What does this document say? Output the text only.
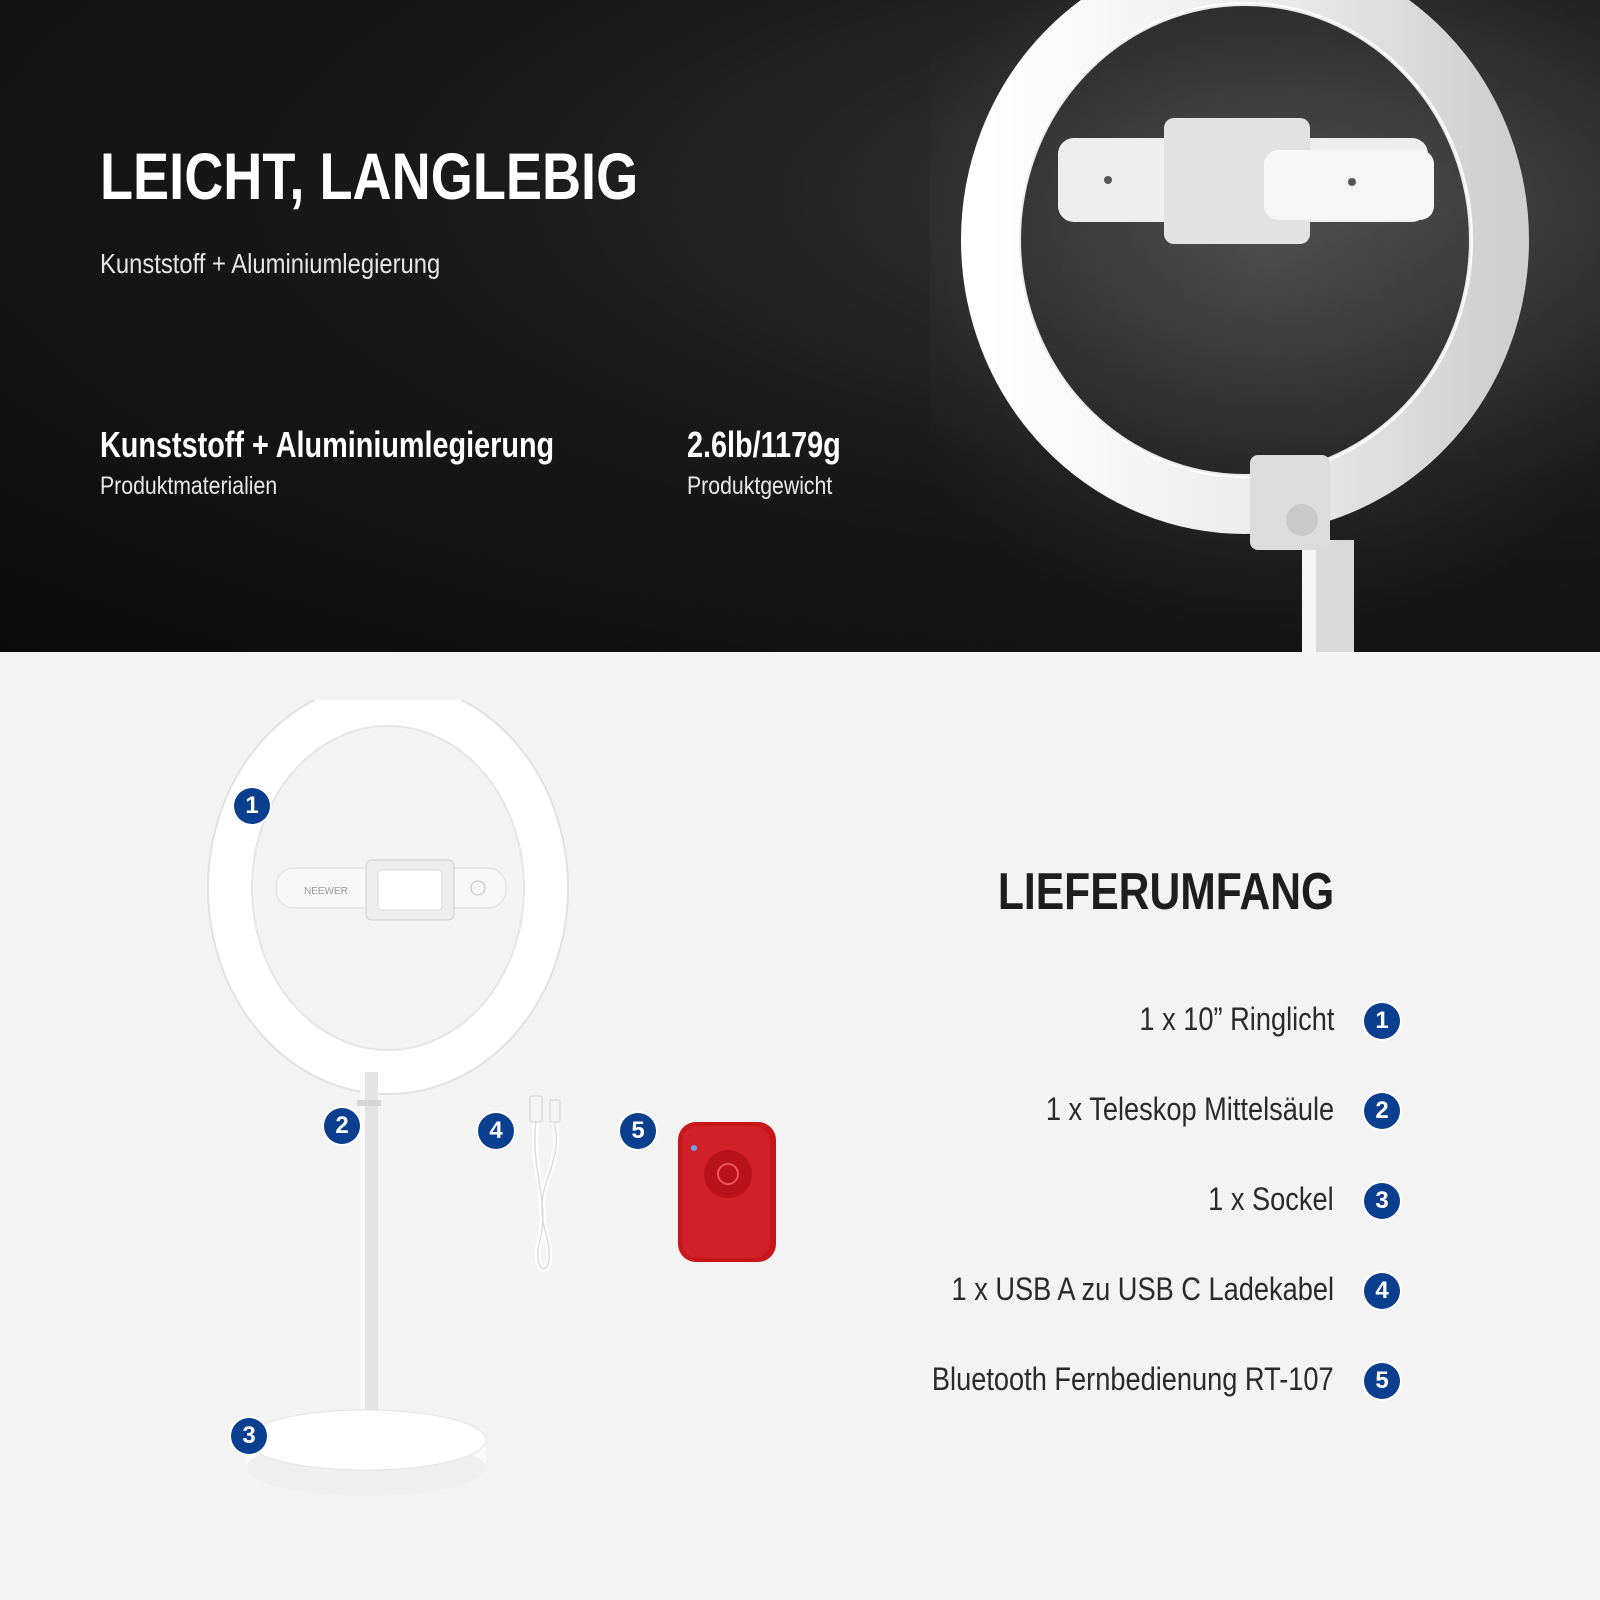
LEICHT, LANGLEBIG
Kunststoff + Aluminiumlegierung
Kunststoff + Aluminiumlegierung
Produktmaterialien
2.6lb/1179g
Produktgewicht
NEEWER
1
2
3
4	5
LIEFERUMFANG
1 x 10” Ringlicht	1
1 x Teleskop Mittelsäule	2
1 x Sockel	3
1 x USB A zu USB C Ladekabel	4
Bluetooth Fernbedienung RT-107	5
